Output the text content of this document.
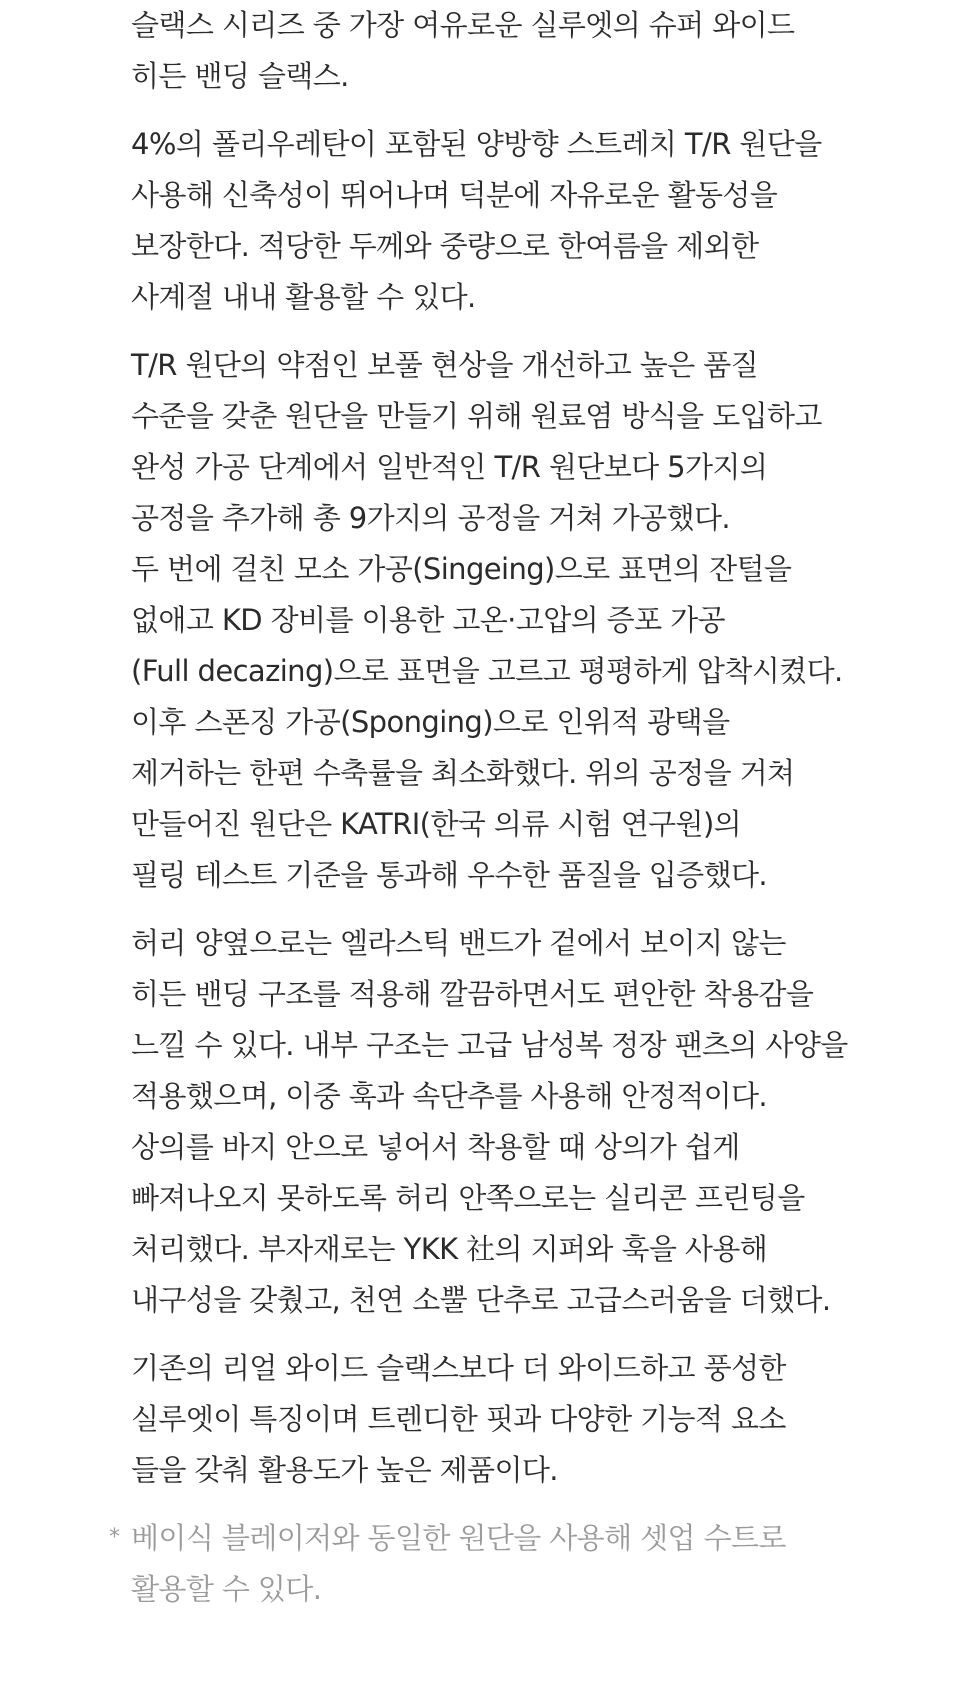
슬랙스 시리즈 중 가장 여유로운 실루엣의 슈퍼 와이드
히든 밴딩 슬랙스.
4%의 폴리우레탄이 포함된 양방향 스트레치 T/R 원단을
사용해 신축성이 뛰어나며 덕분에 자유로운 활동성을
보장한다. 적당한 두께와 중량으로 한여름을 제외한
사계절 내내 활용할 수 있다.
T/R 원단의 약점인 보풀 현상을 개선하고 높은 품질
수준을 갖춘 원단을 만들기 위해 원료염 방식을 도입하고
완성 가공 단계에서 일반적인 T/R 원단보다 5가지의
공정을 추가해 총 9가지의 공정을 거쳐 가공했다.
두 번에 걸친 모소 가공(Singeing)으로 표면의 잔털을
없애고 KD 장비를 이용한 고온·고압의 증포 가공
(Full decazing)으로 표면을 고르고 평평하게 압착시켰다.
이후 스폰징 가공(Sponging)으로 인위적 광택을
제거하는 한편 수축률을 최소화했다. 위의 공정을 거쳐
만들어진 원단은 KATRI(한국 의류 시험 연구원)의
필링 테스트 기준을 통과해 우수한 품질을 입증했다.
허리 양옆으로는 엘라스틱 밴드가 겉에서 보이지 않는
히든 밴딩 구조를 적용해 깔끔하면서도 편안한 착용감을
느낄 수 있다. 내부 구조는 고급 남성복 정장 팬츠의 사양을
적용했으며, 이중 훅과 속단추를 사용해 안정적이다.
상의를 바지 안으로 넣어서 착용할 때 상의가 쉽게
빠져나오지 못하도록 허리 안쪽으로는 실리콘 프린팅을
처리했다. 부자재로는 YKK 社의 지퍼와 훅을 사용해
내구성을 갖췄고, 천연 소뿔 단추로 고급스러움을 더했다.
기존의 리얼 와이드 슬랙스보다 더 와이드하고 풍성한
실루엣이 특징이며 트렌디한 핏과 다양한 기능적 요소
들을 갖춰 활용도가 높은 제품이다.
* 베이식 블레이저와 동일한 원단을 사용해 셋업 수트로
활용할 수 있다.
